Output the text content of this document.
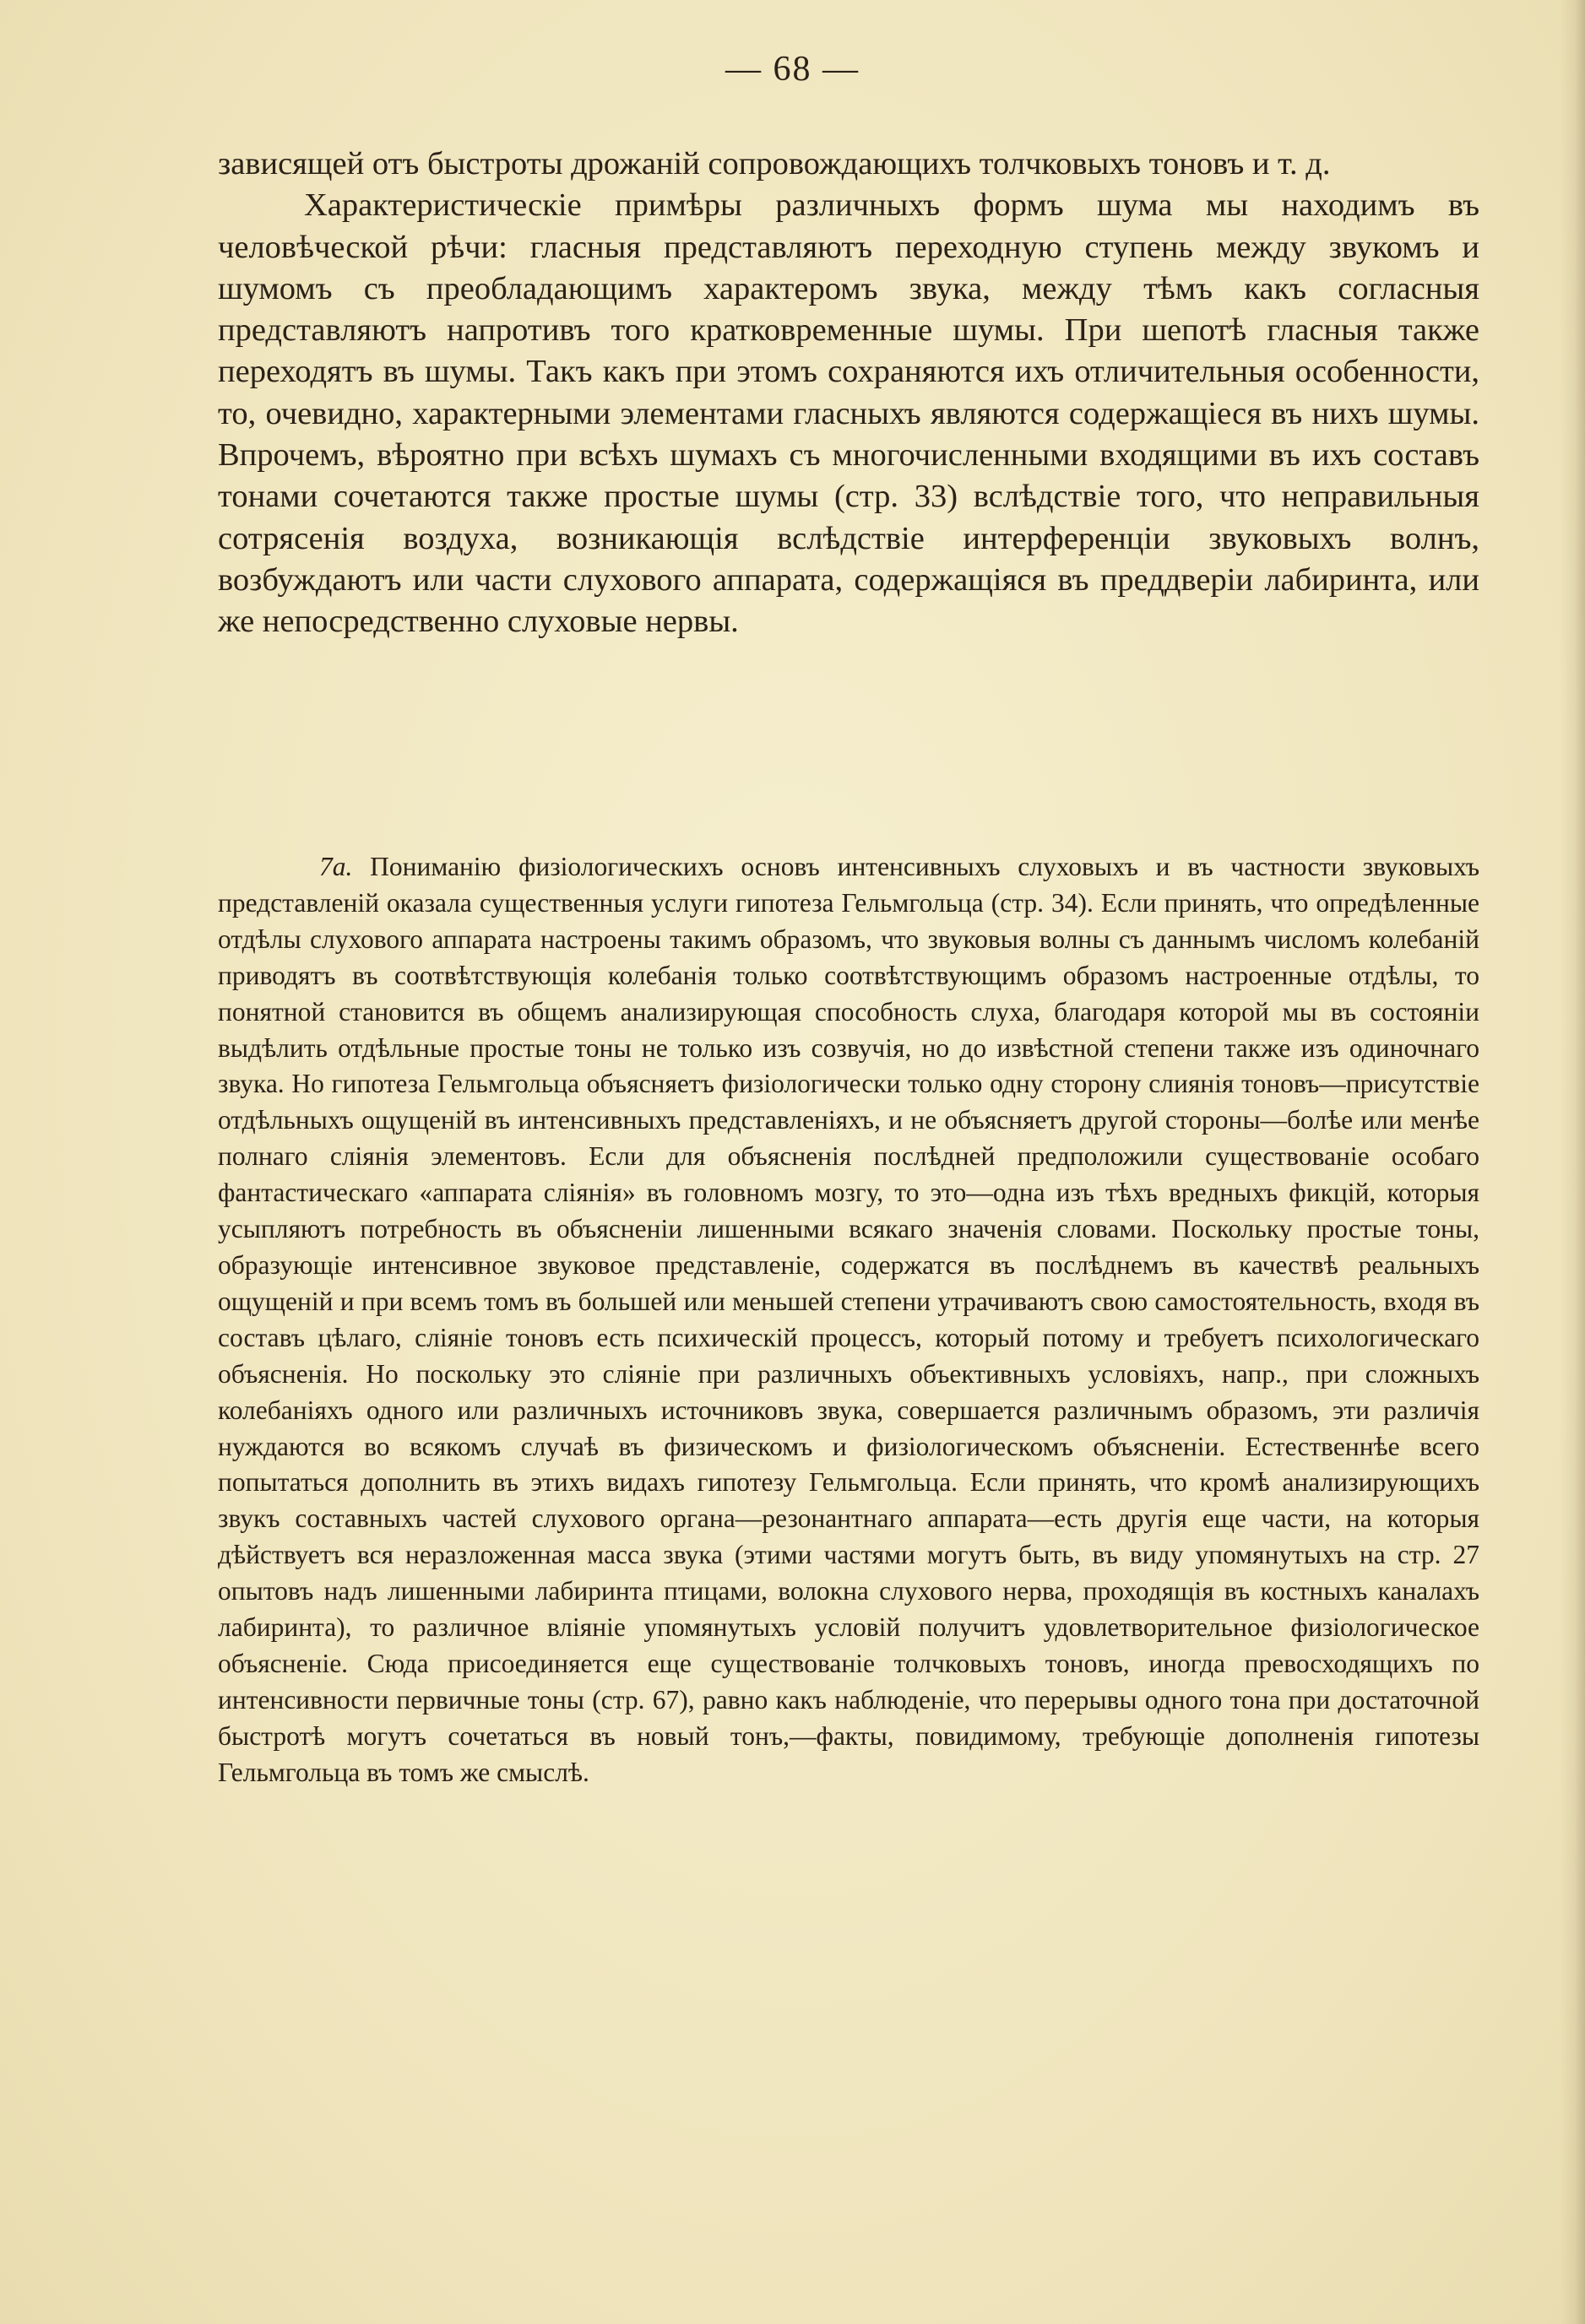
— 68 —

зависящей отъ быстроты дрожаній сопровождающихъ толчковыхъ тоновъ и т. д.

Характеристическіе примѣры различныхъ формъ шума мы находимъ въ человѣческой рѣчи: гласныя представляютъ переходную ступень между звукомъ и шумомъ съ преобладающимъ характеромъ звука, между тѣмъ какъ согласныя представляютъ напротивъ того кратковременные шумы. При шепотѣ гласныя также переходятъ въ шумы. Такъ какъ при этомъ сохраняются ихъ отличительныя особенности, то, очевидно, характерными элементами гласныхъ являются содержащіеся въ нихъ шумы. Впрочемъ, вѣроятно при всѣхъ шумахъ съ многочисленными входящими въ ихъ составъ тонами сочетаются также простые шумы (стр. 33) вслѣдствіе того, что неправильныя сотрясенія воздуха, возникающія вслѣдствіе интерференціи звуковыхъ волнъ, возбуждаютъ или части слухового аппарата, содержащіяся въ преддверіи лабиринта, или же непосредственно слуховые нервы.

7a. Пониманію физіологическихъ основъ интенсивныхъ слуховыхъ и въ частности звуковыхъ представленій оказала существенныя услуги гипотеза Гельмгольца (стр. 34). Если принять, что опредѣленные отдѣлы слухового аппарата настроены такимъ образомъ, что звуковыя волны съ даннымъ числомъ колебаній приводятъ въ соотвѣтствующія колебанія только соотвѣтствующимъ образомъ настроенные отдѣлы, то понятной становится въ общемъ анализирующая способность слуха, благодаря которой мы въ состояніи выдѣлить отдѣльные простые тоны не только изъ созвучія, но до извѣстной степени также изъ одиночнаго звука. Но гипотеза Гельмгольца объясняетъ физіологически только одну сторону слиянія тоновъ—присутствіе отдѣльныхъ ощущеній въ интенсивныхъ представленіяхъ, и не объясняетъ другой стороны—болѣе или менѣе полнаго сліянія элементовъ. Если для объясненія послѣдней предположили существованіе особаго фантастическаго «аппарата сліянія» въ головномъ мозгу, то это—одна изъ тѣхъ вредныхъ фикцій, которыя усыпляютъ потребность въ объясненіи лишенными всякаго значенія словами. Поскольку простые тоны, образующіе интенсивное звуковое представленіе, содержатся въ послѣднемъ въ качествѣ реальныхъ ощущеній и при всемъ томъ въ большей или меньшей степени утрачиваютъ свою самостоятельность, входя въ составъ цѣлаго, сліяніе тоновъ есть психическій процессъ, который потому и требуетъ психологическаго объясненія. Но поскольку это сліяніе при различныхъ объективныхъ условіяхъ, напр., при сложныхъ колебаніяхъ одного или различныхъ источниковъ звука, совершается различнымъ образомъ, эти различія нуждаются во всякомъ случаѣ въ физическомъ и физіологическомъ объясненіи. Естественнѣе всего попытаться дополнить въ этихъ видахъ гипотезу Гельмгольца. Если принять, что кромѣ анализирующихъ звукъ составныхъ частей слухового органа—резонантнаго аппарата—есть другія еще части, на которыя дѣйствуетъ вся неразложенная масса звука (этими частями могутъ быть, въ виду упомянутыхъ на стр. 27 опытовъ надъ лишенными лабиринта птицами, волокна слухового нерва, проходящія въ костныхъ каналахъ лабиринта), то различное вліяніе упомянутыхъ условій получитъ удовлетворительное физіологическое объясненіе. Сюда присоединяется еще существованіе толчковыхъ тоновъ, иногда превосходящихъ по интенсивности первичные тоны (стр. 67), равно какъ наблюденіе, что перерывы одного тона при достаточной быстротѣ могутъ сочетаться въ новый тонъ,—факты, повидимому, требующіе дополненія гипотезы Гельмгольца въ томъ же смыслѣ.
